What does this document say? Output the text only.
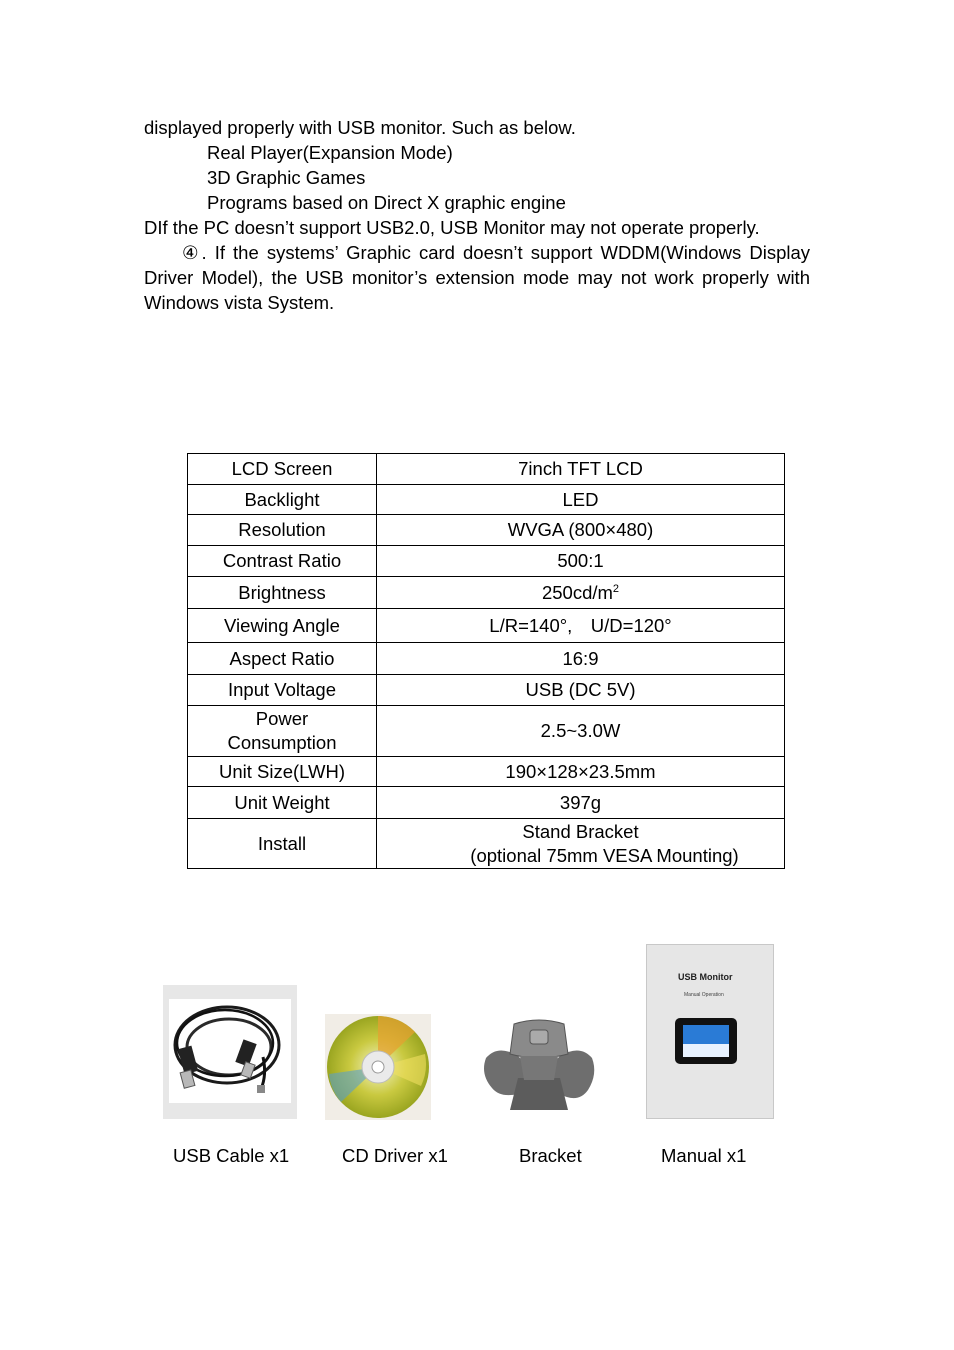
displayed properly with USB monitor. Such as below.
Real Player(Expansion Mode)
3D Graphic Games
Programs based on Direct X graphic engine
DIf the PC doesn’t support USB2.0, USB Monitor may not operate properly.
④. If the systems’ Graphic card doesn’t support WDDM(Windows Display
Driver Model), the USB monitor’s extension mode may not work properly with
Windows vista System.
LCD Screen	7inch TFT LCD
Backlight	LED
Resolution	WVGA (800×480)
Contrast Ratio	500:1
Brightness	$250cd/m^2$
Viewing Angle	L/R=140°, U/D=120°
Aspect Ratio	16:9
Input Voltage	USB (DC 5V)

Power
Consumption	2.5~3.0W
Unit Size(LWH)	190×128×23.5mm
Unit Weight	397g
Install	Stand Bracket
(optional 75mm VESA Mounting)
USB Monitor
Manual Operation
USB Cable x1	CD Driver x1	Bracket	Manual x1
